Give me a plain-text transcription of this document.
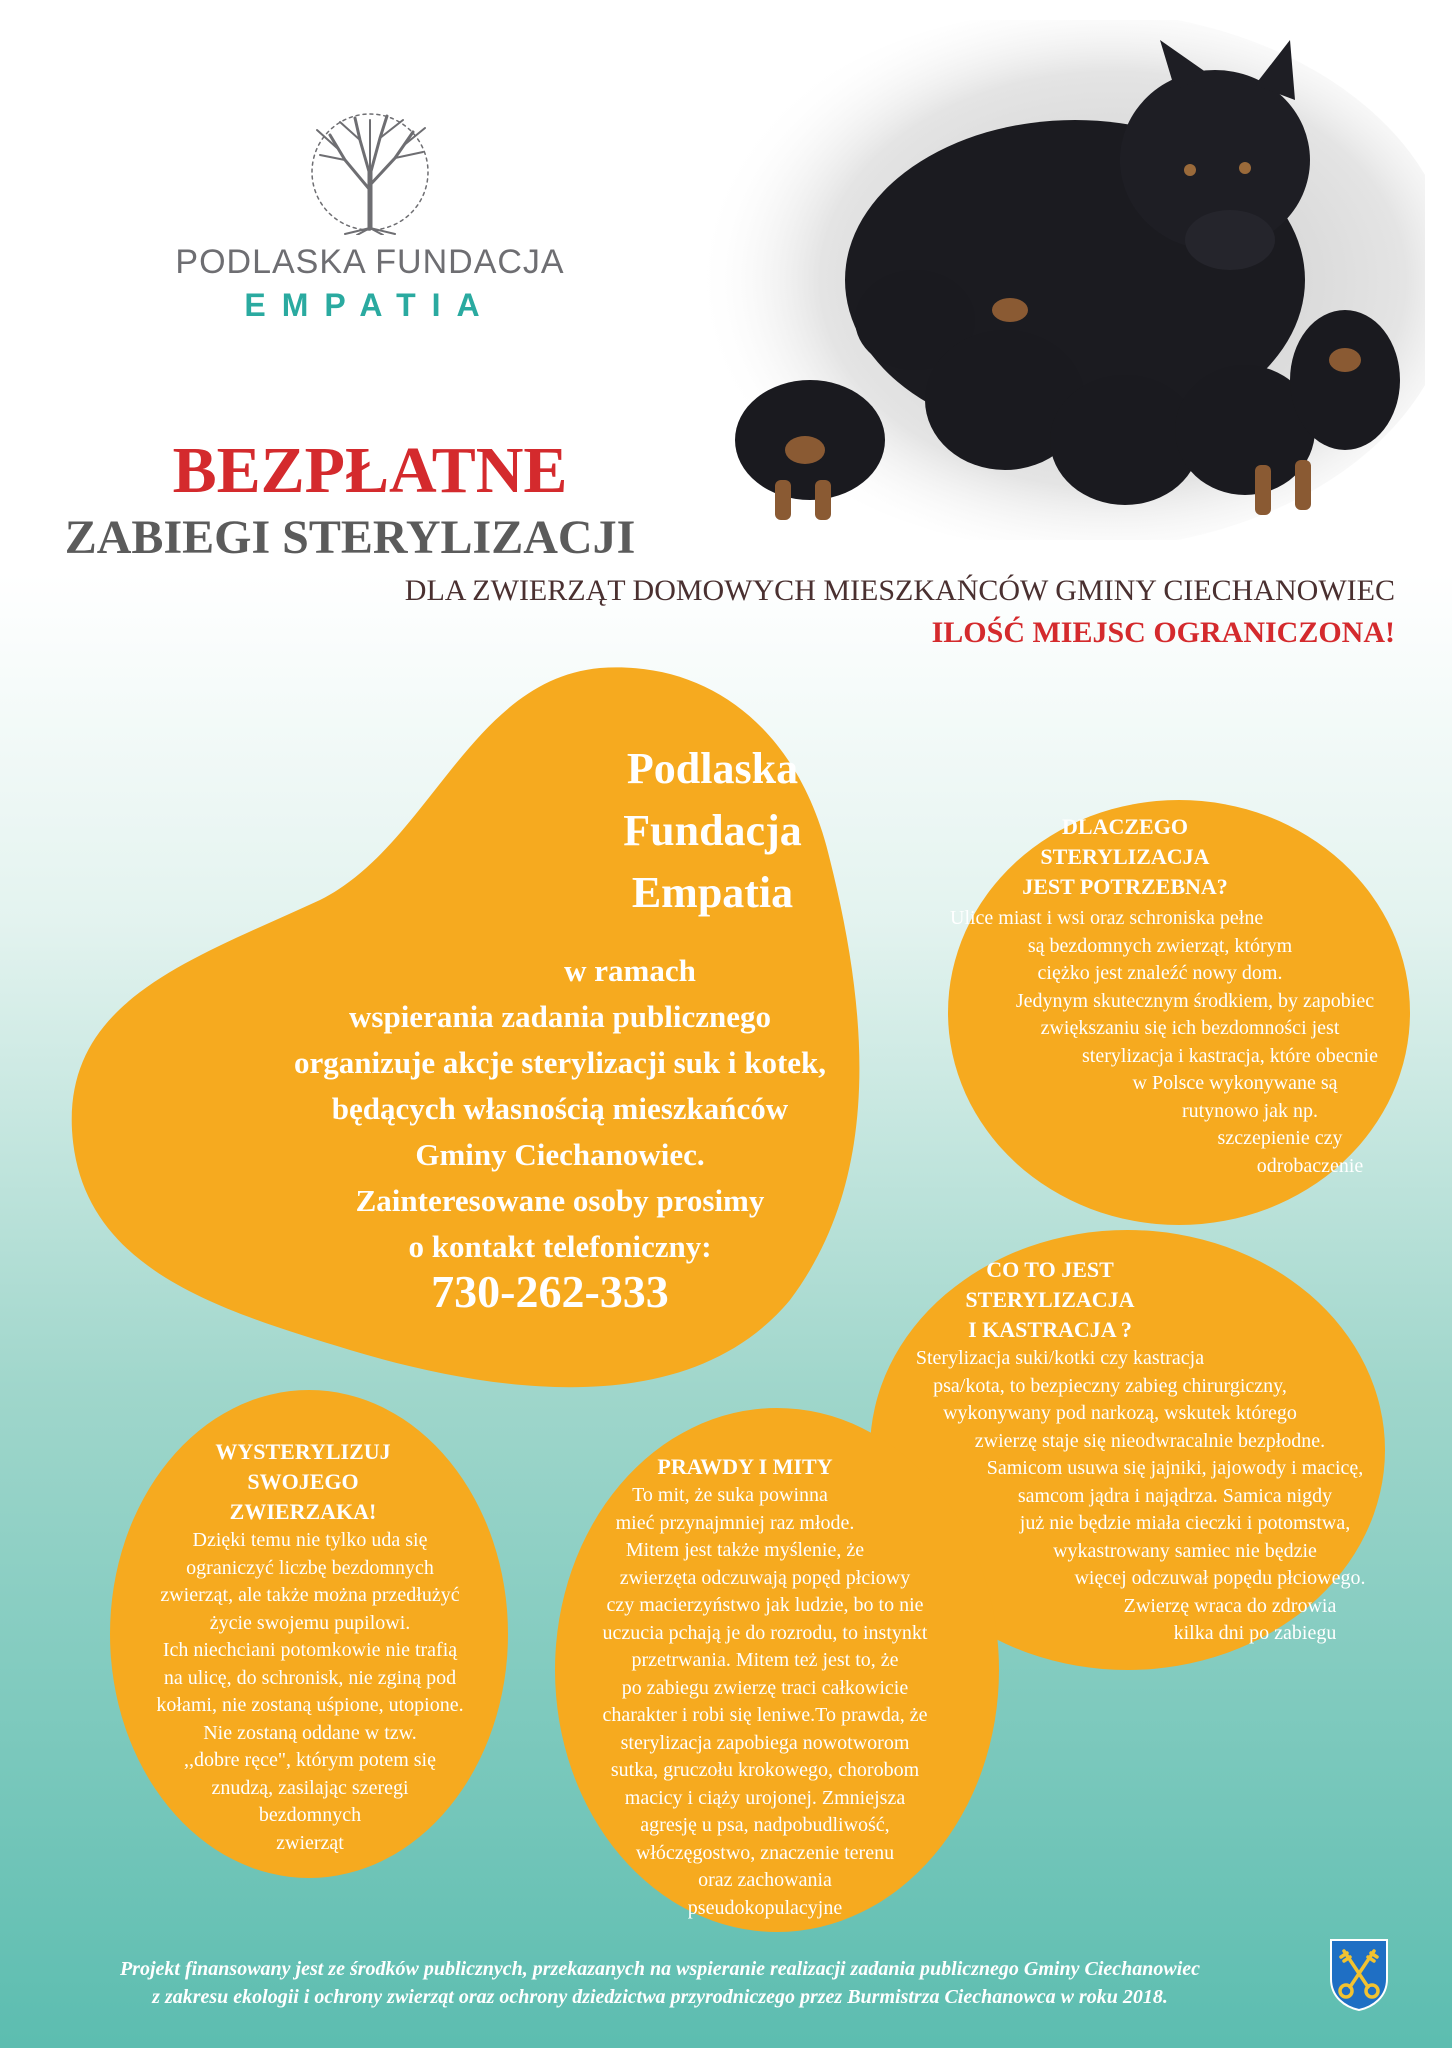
PODLASKA FUNDACJA
EMPATIA
BEZPŁATNE
ZABIEGI STERYLIZACJI
DLA ZWIERZĄT DOMOWYCH MIESZKAŃCÓW GMINY CIECHANOWIEC
ILOŚĆ MIEJSC OGRANICZONA!
Podlaska
Fundacja
Empatia
w ramach
wspierania zadania publicznego
organizuje akcje sterylizacji suk i kotek,
będących własnością mieszkańców
Gminy Ciechanowiec.
Zainteresowane osoby prosimy
o kontakt telefoniczny:
730-262-333
DLACZEGO
STERYLIZACJA
JEST POTRZEBNA?
Ulice miast i wsi oraz schroniska pełne
są bezdomnych zwierząt, którym
ciężko jest znaleźć nowy dom.
Jedynym skutecznym środkiem, by zapobiec
zwiększaniu się ich bezdomności jest
sterylizacja i kastracja, które obecnie
w Polsce wykonywane są
rutynowo jak np.
szczepienie czy
odrobaczenie
CO TO JEST
STERYLIZACJA
I KASTRACJA ?
Sterylizacja suki/kotki czy kastracja
psa/kota, to bezpieczny zabieg chirurgiczny,
wykonywany pod narkozą, wskutek którego
zwierzę staje się nieodwracalnie bezpłodne.
Samicom usuwa się jajniki, jajowody i macicę,
samcom jądra i najądrza. Samica nigdy
już nie będzie miała cieczki i potomstwa,
wykastrowany samiec nie będzie
więcej odczuwał popędu płciowego.
Zwierzę wraca do zdrowia
kilka dni po zabiegu
WYSTERYLIZUJ
SWOJEGO
ZWIERZAKA!
Dzięki temu nie tylko uda się
ograniczyć liczbę bezdomnych
zwierząt, ale także można przedłużyć
życie swojemu pupilowi.
Ich niechciani potomkowie nie trafią
na ulicę, do schronisk, nie zginą pod
kołami, nie zostaną uśpione, utopione.
Nie zostaną oddane w tzw.
,,dobre ręce", którym potem się
znudzą, zasilając szeregi
bezdomnych
zwierząt
PRAWDY I MITY
To mit, że suka powinna
mieć przynajmniej raz młode.
Mitem jest także myślenie, że
zwierzęta odczuwają popęd płciowy
czy macierzyństwo jak ludzie, bo to nie
uczucia pchają je do rozrodu, to instynkt
przetrwania. Mitem też jest to, że
po zabiegu zwierzę traci całkowicie
charakter i robi się leniwe.To prawda, że
sterylizacja zapobiega nowotworom
sutka, gruczołu krokowego, chorobom
macicy i ciąży urojonej. Zmniejsza
agresję u psa, nadpobudliwość,
włóczęgostwo, znaczenie terenu
oraz zachowania
pseudokopulacyjne
Projekt finansowany jest ze środków publicznych, przekazanych na wspieranie realizacji zadania publicznego Gminy Ciechanowiec
z zakresu ekologii i ochrony zwierząt oraz ochrony dziedzictwa przyrodniczego przez Burmistrza Ciechanowca w roku 2018.
